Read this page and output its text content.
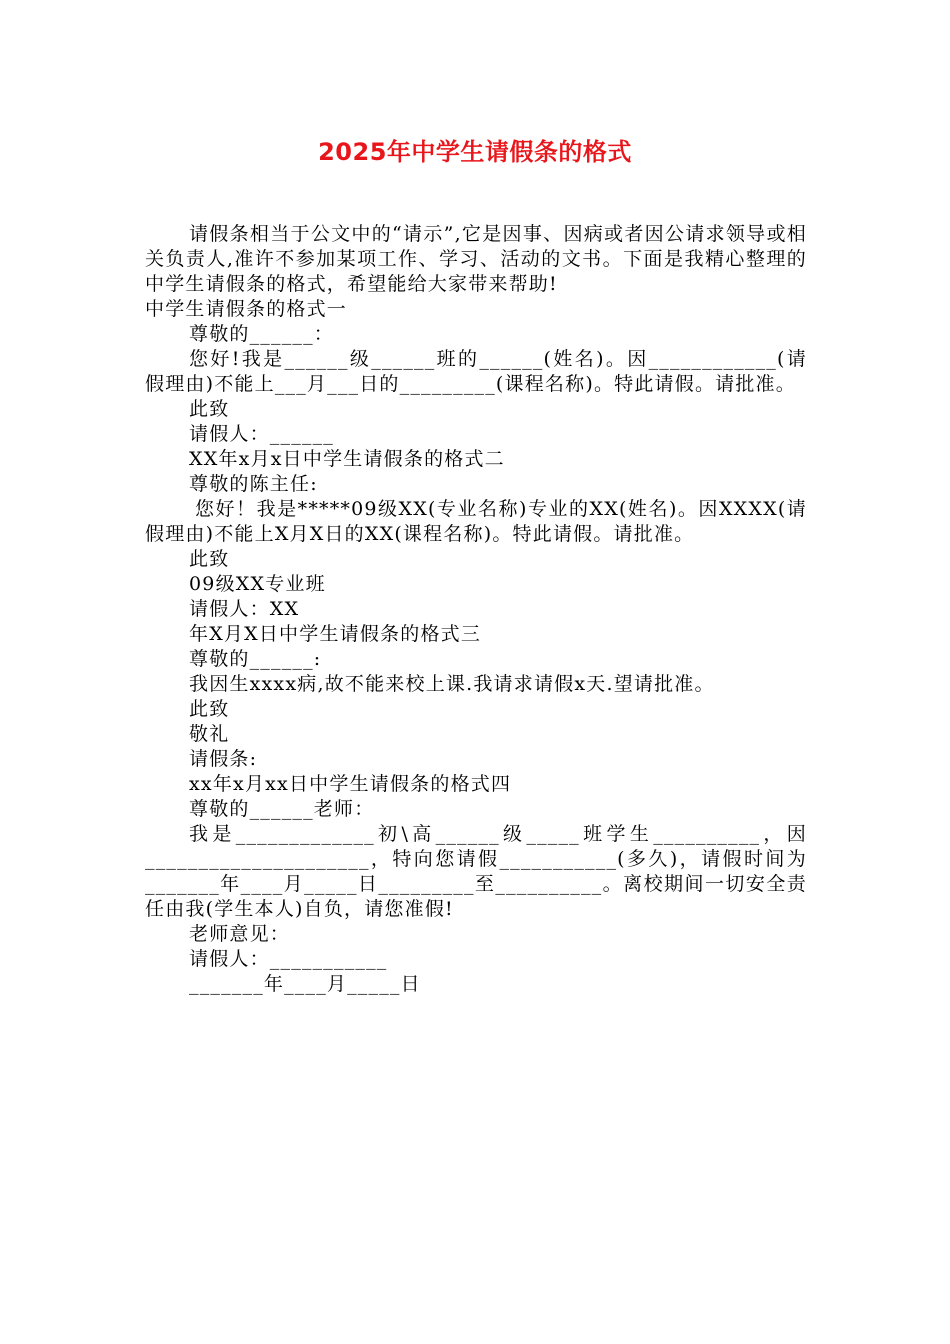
2025年中学生请假条的格式

请假条相当于公文中的“请示”,它是因事、因病或者因公请求领导或相关负责人,准许不参加某项工作、学习、活动的文书。下面是我精心整理的中学生请假条的格式，希望能给大家带来帮助!

中学生请假条的格式一

尊敬的______：

您好!我是______级______班的______(姓名)。因____________(请假理由)不能上___月___日的_________(课程名称)。特此请假。请批准。

此致

请假人：______

XX年x月x日中学生请假条的格式二

尊敬的陈主任:

您好！我是*****09级XX(专业名称)专业的XX(姓名)。因XXXX(请假理由)不能上X月X日的XX(课程名称)。特此请假。请批准。

此致

09级XX专业班

请假人：XX

年X月X日中学生请假条的格式三

尊敬的______:

我因生xxxx病,故不能来校上课.我请求请假x天.望请批准。

此致

敬礼

请假条:

xx年x月xx日中学生请假条的格式四

尊敬的______老师：

我是_____________初\高______级_____班学生__________，因_____________________，特向您请假___________(多久)，请假时间为_______年____月_____日_________至__________。离校期间一切安全责任由我(学生本人)自负，请您准假!

老师意见：

请假人：___________

_______年____月_____日
